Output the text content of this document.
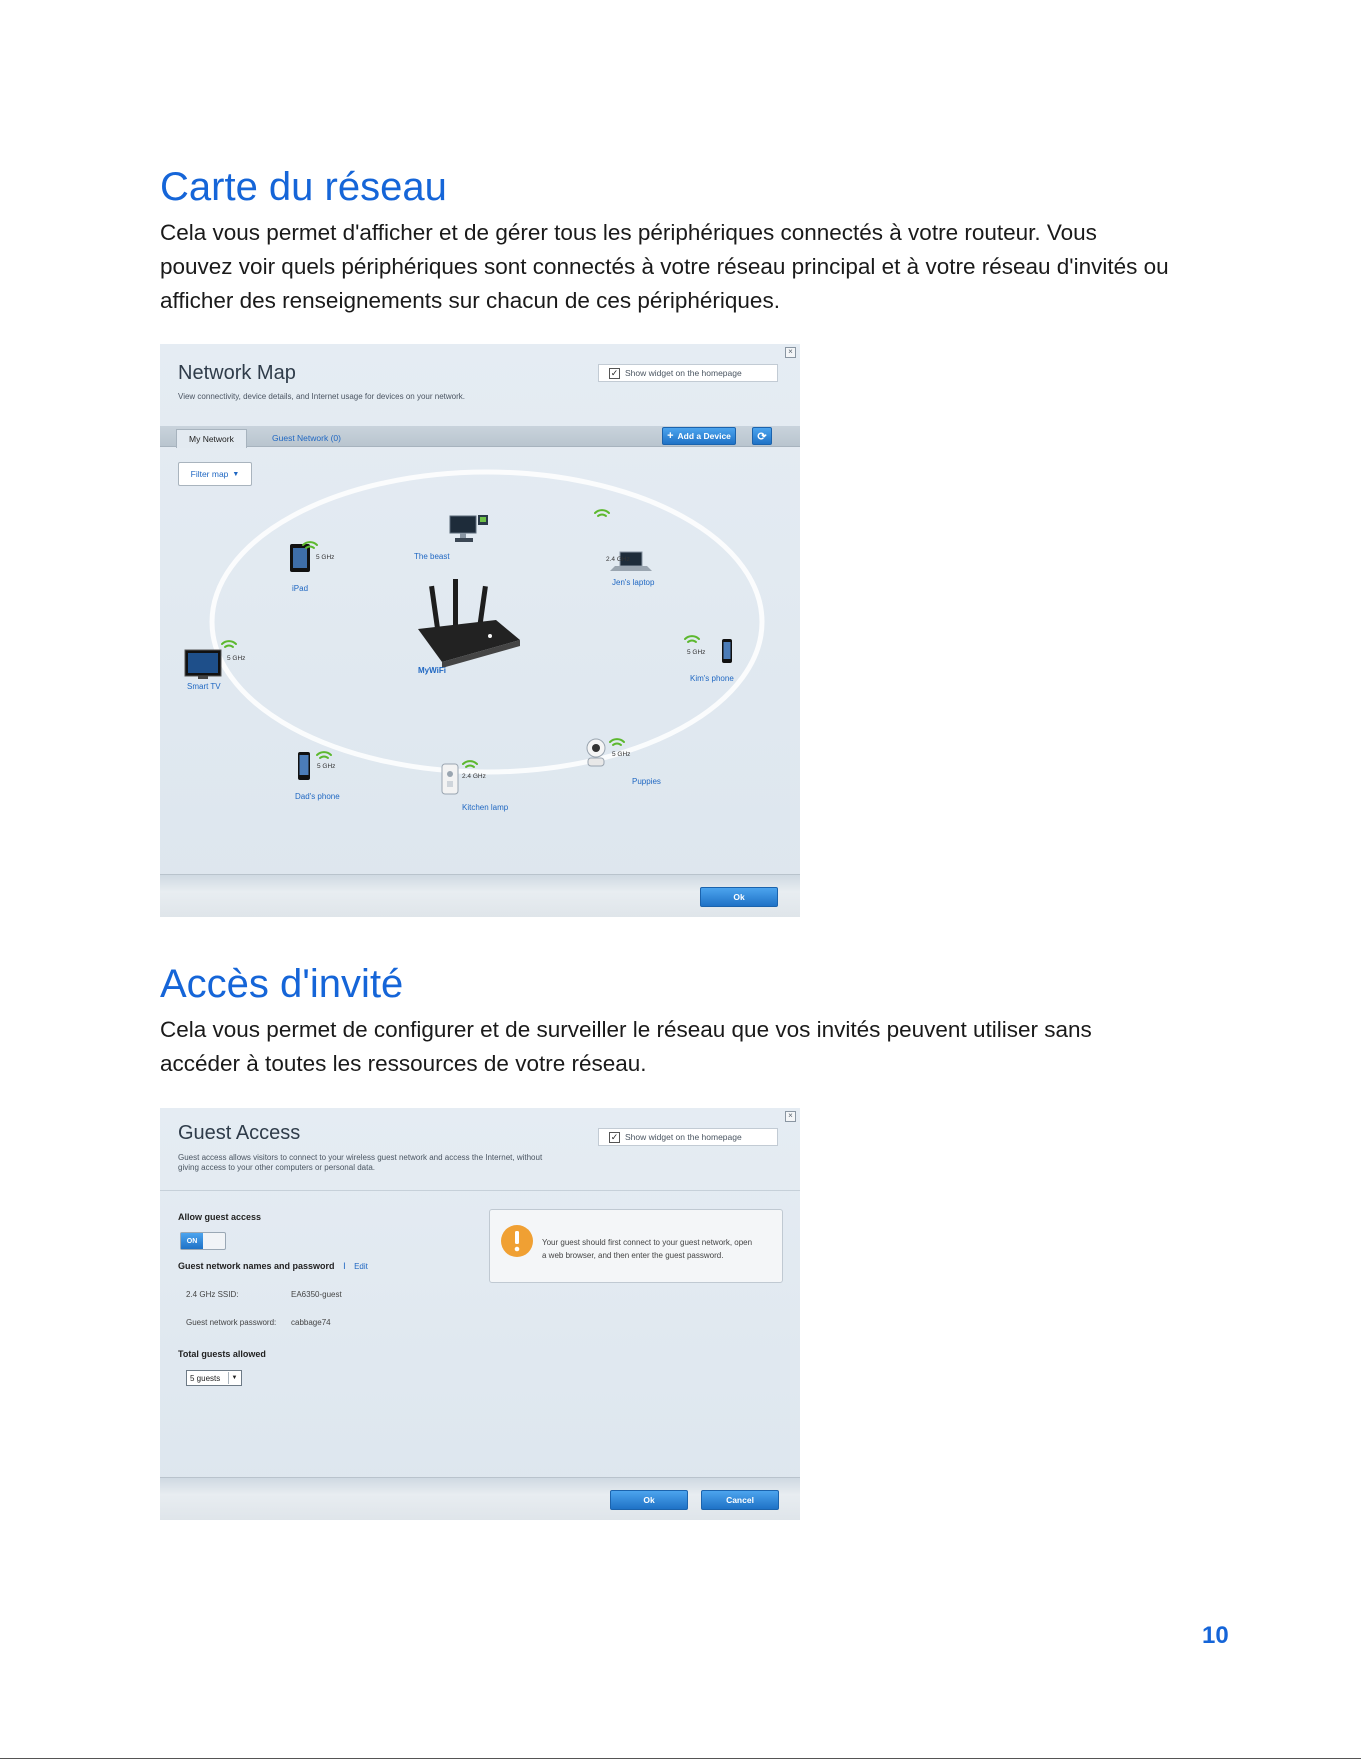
Carte du réseau

Cela vous permet d'afficher et de gérer tous les périphériques connectés à votre routeur. Vous
pouvez voir quels périphériques sont connectés à votre réseau principal et à votre réseau d'invités ou
afficher des renseignements sur chacun de ces périphériques.

×
Network Map
View connectivity, device details, and Internet usage for devices on your network.
✓ Show widget on the homepage
My Network	Guest Network (0)	+ Add a Device	⟳
Filter map ▼
MyWiFi
The beast
Jen's laptop
2.4 GHz
Kim's phone
5 GHz
Puppies
5 GHz
Kitchen lamp
2.4 GHz
Dad's phone
5 GHz
Smart TV
5 GHz
iPad
5 GHz
Ok
Accès d'invité

Cela vous permet de configurer et de surveiller le réseau que vos invités peuvent utiliser sans
accéder à toutes les ressources de votre réseau.

×
Guest Access
Guest access allows visitors to connect to your wireless guest network and access the Internet, without
giving access to your other computers or personal data.
✓ Show widget on the homepage
Allow guest access
ON
Guest network names and password I Edit
2.4 GHz SSID:	EA6350-guest
Guest network password: cabbage74
Total guests allowed
5 guests	▼
Your guest should first connect to your guest network, open
a web browser, and then enter the guest password.
Ok	Cancel
10
